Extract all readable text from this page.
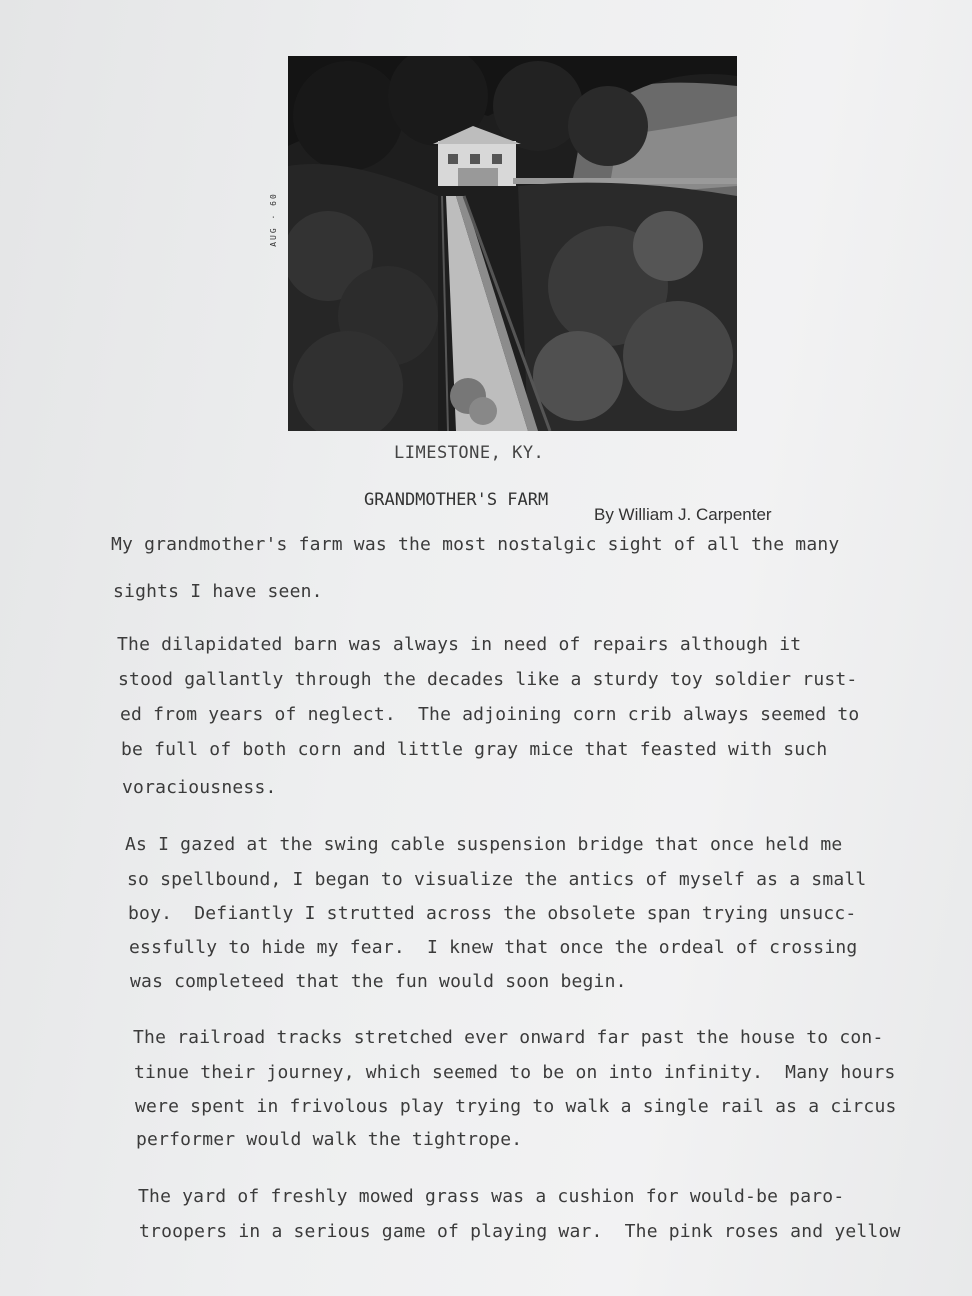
AUG · 60
LIMESTONE, KY.
GRANDMOTHER'S FARM
By William J. Carpenter
My grandmother's farm was the most nostalgic sight of all the many
sights I have seen.
The dilapidated barn was always in need of repairs although it
stood gallantly through the decades like a sturdy toy soldier rust-
ed from years of neglect.  The adjoining corn crib always seemed to
be full of both corn and little gray mice that feasted with such
voraciousness.
As I gazed at the swing cable suspension bridge that once held me
so spellbound, I began to visualize the antics of myself as a small
boy.  Defiantly I strutted across the obsolete span trying unsucc-
essfully to hide my fear.  I knew that once the ordeal of crossing
was completeed that the fun would soon begin.
The railroad tracks stretched ever onward far past the house to con-
tinue their journey, which seemed to be on into infinity.  Many hours
were spent in frivolous play trying to walk a single rail as a circus
performer would walk the tightrope.
The yard of freshly mowed grass was a cushion for would-be paro-
troopers in a serious game of playing war.  The pink roses and yellow
